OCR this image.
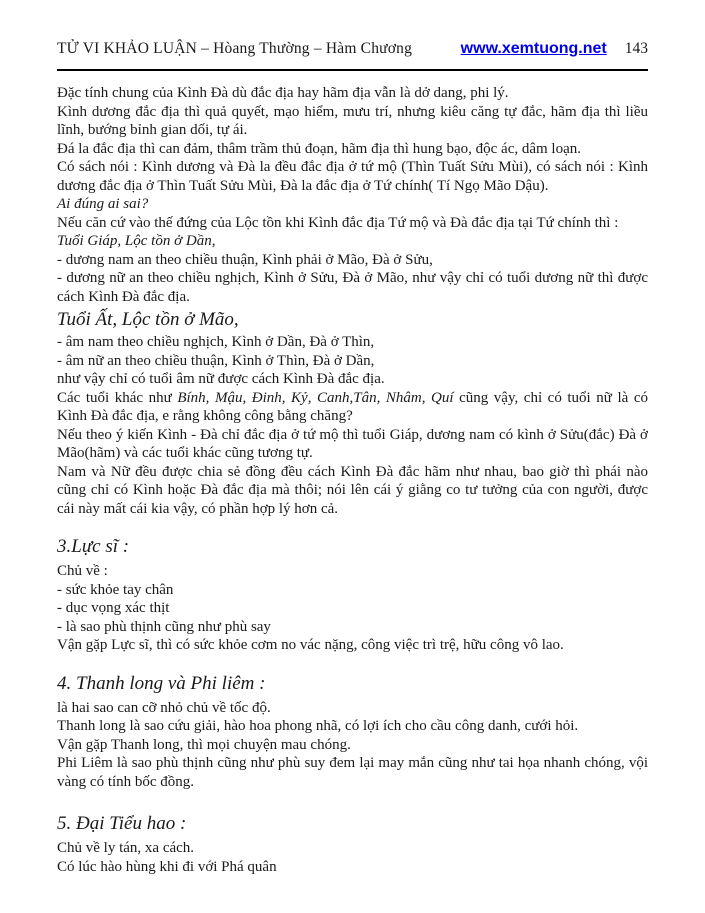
TỬ VI KHẢO LUẬN – Hòang Thường – Hàm Chương	www.xemtuong.net 143

Đặc tính chung của Kình Đà dù đắc địa hay hãm địa vẫn là dở dang, phi lý.

Kình dương đắc địa thì quả quyết, mạo hiểm, mưu trí, nhưng kiêu căng tự đắc, hãm địa thì liều lĩnh, bướng bỉnh gian dối, tự ái.

Đá la đắc địa thì can đảm, thâm trầm thủ đoạn, hãm địa thì hung bạo, độc ác, dâm loạn.

Có sách nói : Kình dương và Đà la đều đắc địa ở tứ mộ (Thìn Tuất Sửu Mùi), có sách nói : Kình dương đắc địa ở Thìn Tuất Sửu Mùi, Đà la đắc địa ở Tứ chính( Tí Ngọ Mão Dậu).

Ai đúng ai sai?

Nếu căn cứ vào thế đứng của Lộc tồn khi Kình đắc địa Tứ mộ và Đà đắc địa tại Tứ chính thì :

Tuổi Giáp, Lộc tồn ở Dần,

- dương nam an theo chiều thuận, Kình phải ở Mão, Đà ở Sửu,

- dương nữ an theo chiều nghịch, Kình ở Sửu, Đà ở Mão, như vậy chỉ có tuổi dương nữ thì được cách Kình Đà đắc địa.

Tuổi Ất, Lộc tồn ở Mão,

- âm nam theo chiều nghịch, Kình ở Dần, Đà ở Thìn,

- âm nữ an theo chiều thuận, Kình ở Thìn, Đà ở Dần,

như vậy chỉ có tuổi âm nữ được cách Kình Đà đắc địa.

Các tuổi khác như Bính, Mậu, Đinh, Kỷ, Canh,Tân, Nhâm, Quí cũng vậy, chỉ có tuổi nữ là có Kình Đà đắc địa, e rằng không công bằng chăng?

Nếu theo ý kiến Kình - Đà chỉ đắc địa ở tứ mộ thì tuổi Giáp, dương nam có kình ở Sửu(đắc) Đà ở Mão(hãm) và các tuổi khác cũng tương tự.

Nam và Nữ đều được chia sẻ đồng đều cách Kình Đà đắc hãm như nhau, bao giờ thì phái nào cũng chỉ có Kình hoặc Đà đắc địa mà thôi; nói lên cái ý giằng co tư tưởng của con người, được cái này mất cái kia vậy, có phần hợp lý hơn cả.

3.Lực sĩ :

Chủ về :

- sức khỏe tay chân

- dục vọng xác thịt

- là sao phù thịnh cũng như phù say

Vận gặp Lực sĩ, thì có sức khỏe cơm no vác nặng, công việc trì trệ, hữu công vô lao.

4. Thanh long và Phi liêm :

là hai sao can cỡ nhỏ chủ về tốc độ.

Thanh long là sao cứu giải, hào hoa phong nhã, có lợi ích cho cầu công danh, cưới hỏi.

Vận gặp Thanh long, thì mọi chuyện mau chóng.

Phi Liêm là sao phù thịnh cũng như phù suy đem lại may mắn cũng như tai họa nhanh chóng, vội vàng có tính bốc đồng.

5. Đại Tiểu hao :

Chủ về ly tán, xa cách.

Có lúc hào hùng khi đi với Phá quân
